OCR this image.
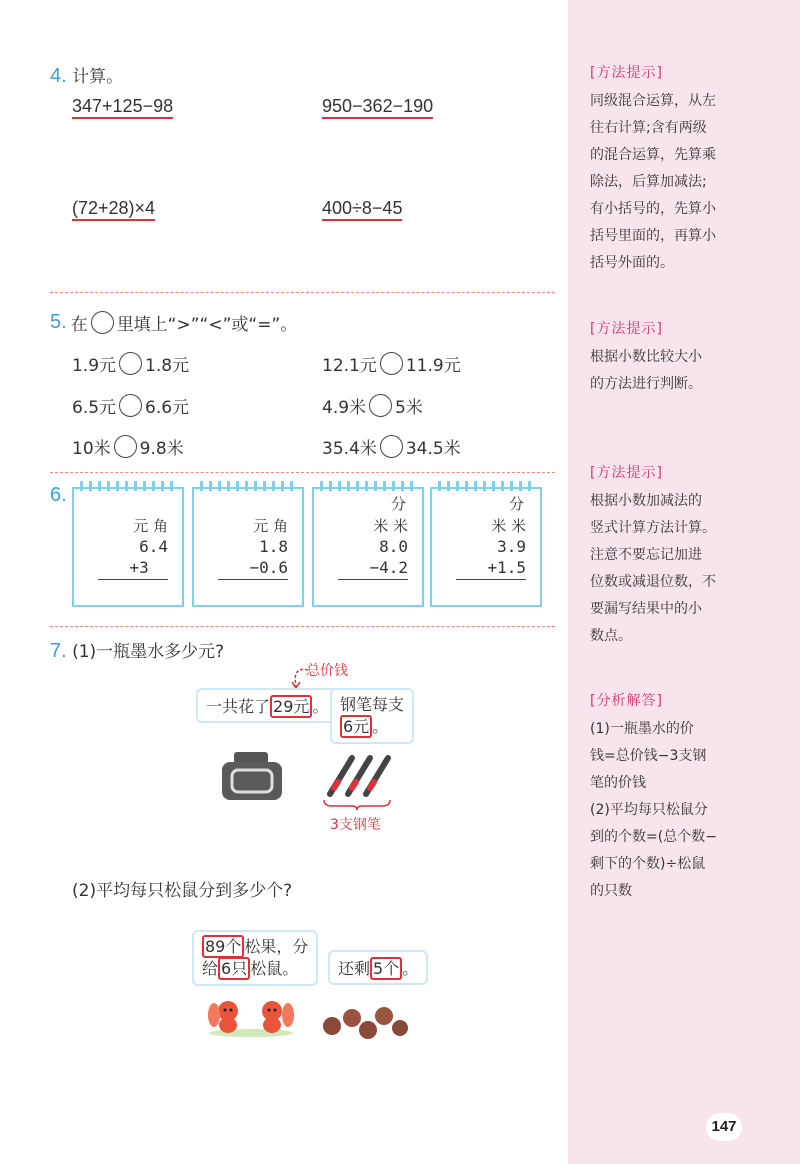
[方法提示]
同级混合运算，从左
往右计算;含有两级
的混合运算，先算乘
除法，后算加减法;
有小括号的，先算小
括号里面的，再算小
括号外面的。
[方法提示]
根据小数比较大小
的方法进行判断。
[方法提示]
根据小数加减法的
竖式计算方法计算。
注意不要忘记加进
位数或减退位数，不
要漏写结果中的小
数点。
[分析解答]
(1)一瓶墨水的价
钱=总价钱−3支钢
笔的价钱
(2)平均每只松鼠分
到的个数=(总个数−
剩下的个数)÷松鼠
的只数
4. 计算。
347+125−98	950−362−190
(72+28)×4	400÷8−45
5. 在 里填上“>”“<”或“=”。
1.9元 1.8元	12.1元 11.9元
6.5元 6.6元	4.9米 5米
10米 9.8米	35.4米 34.5米
6.
元 角
6.4
+3
元 角
1.8
−0.6
分
米 米
8.0
−4.2
分
米 米
3.9
+1.5
7. (1)一瓶墨水多少元?
总价钱
一共花了 29元 。 钢笔每支
6元 。
3支钢笔
(2)平均每只松鼠分到多少个?
89个 松果，分
给 6只 松鼠。	还剩 5个 。
147
